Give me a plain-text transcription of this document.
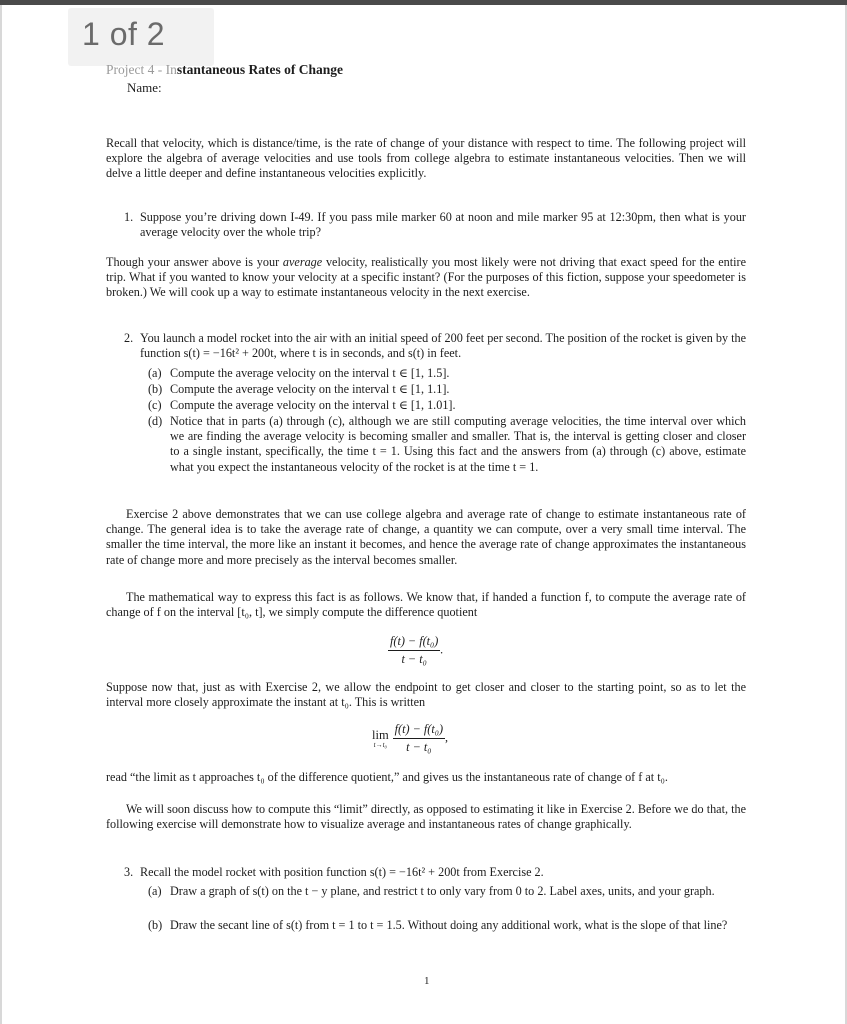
1 of 2
Project 4 - Instantaneous Rates of Change
Name:
Recall that velocity, which is distance/time, is the rate of change of your distance with respect to time. The following project will explore the algebra of average velocities and use tools from college algebra to estimate instantaneous velocities. Then we will delve a little deeper and define instantaneous velocities explicitly.
1. Suppose you’re driving down I-49. If you pass mile marker 60 at noon and mile marker 95 at 12:30pm, then what is your average velocity over the whole trip?
Though your answer above is your average velocity, realistically you most likely were not driving that exact speed for the entire trip. What if you wanted to know your velocity at a specific instant? (For the purposes of this fiction, suppose your speedometer is broken.) We will cook up a way to estimate instantaneous velocity in the next exercise.
2. You launch a model rocket into the air with an initial speed of 200 feet per second. The position of the rocket is given by the function s(t) = −16t² + 200t, where t is in seconds, and s(t) in feet.
(a) Compute the average velocity on the interval t ∈ [1, 1.5].
(b) Compute the average velocity on the interval t ∈ [1, 1.1].
(c) Compute the average velocity on the interval t ∈ [1, 1.01].
(d) Notice that in parts (a) through (c), although we are still computing average velocities, the time interval over which we are finding the average velocity is becoming smaller and smaller. That is, the interval is getting closer and closer to a single instant, specifically, the time t = 1. Using this fact and the answers from (a) through (c) above, estimate what you expect the instantaneous velocity of the rocket is at the time t = 1.
Exercise 2 above demonstrates that we can use college algebra and average rate of change to estimate instantaneous rate of change. The general idea is to take the average rate of change, a quantity we can compute, over a very small time interval. The smaller the time interval, the more like an instant it becomes, and hence the average rate of change approximates the instantaneous rate of change more and more precisely as the interval becomes smaller.
The mathematical way to express this fact is as follows. We know that, if handed a function f, to compute the average rate of change of f on the interval [t₀, t], we simply compute the difference quotient
$\frac{\text{f(t) − f(t₀)}}{\text{t − t₀}}$ .
Suppose now that, just as with Exercise 2, we allow the endpoint to get closer and closer to the starting point, so as to let the interval more closely approximate the instant at t₀. This is written
lim
$t\to t_0 \frac{\text{f(t) − f(t₀)}}{\text{t − t₀}}$ ,
read “the limit as t approaches t₀ of the difference quotient,” and gives us the instantaneous rate of change of f at t₀.
We will soon discuss how to compute this “limit” directly, as opposed to estimating it like in Exercise 2. Before we do that, the following exercise will demonstrate how to visualize average and instantaneous rates of change graphically.
3. Recall the model rocket with position function s(t) = −16t² + 200t from Exercise 2.
(a) Draw a graph of s(t) on the t − y plane, and restrict t to only vary from 0 to 2. Label axes, units, and your graph.
(b) Draw the secant line of s(t) from t = 1 to t = 1.5. Without doing any additional work, what is the slope of that line?
1
